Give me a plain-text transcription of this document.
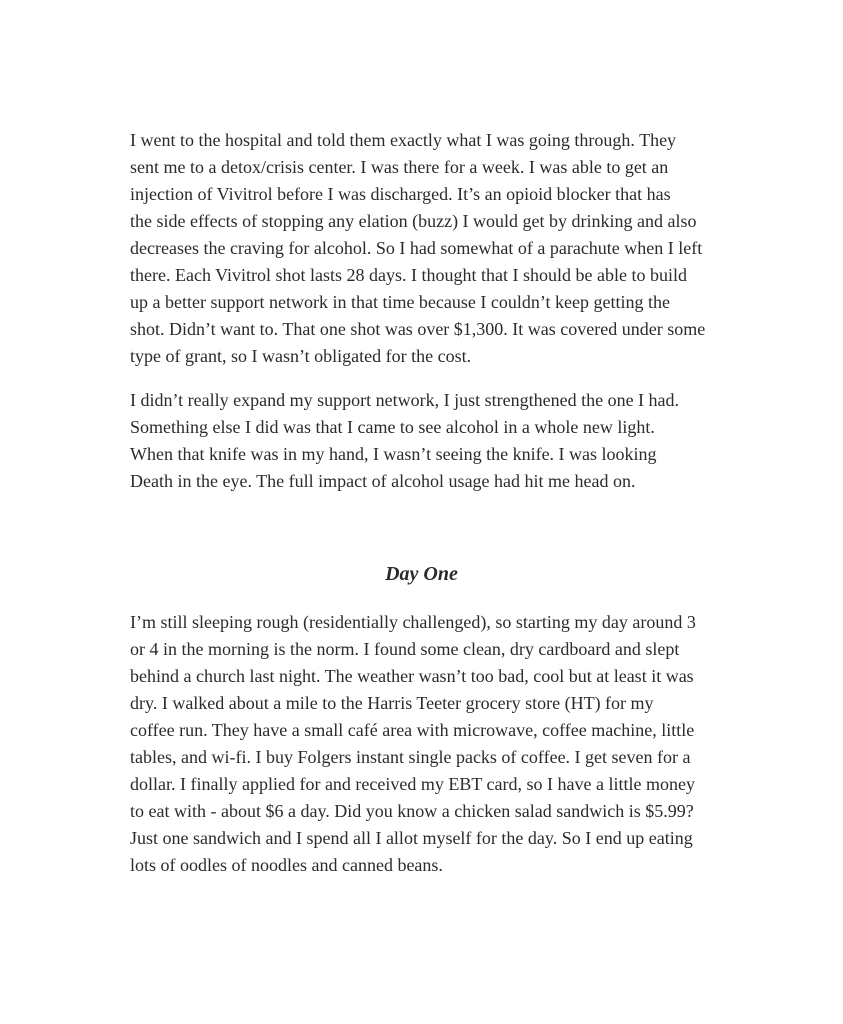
I went to the hospital and told them exactly what I was going through. They
sent me to a detox/crisis center. I was there for a week. I was able to get an
injection of Vivitrol before I was discharged. It’s an opioid blocker that has
the side effects of stopping any elation (buzz) I would get by drinking and also
decreases the craving for alcohol. So I had somewhat of a parachute when I left
there. Each Vivitrol shot lasts 28 days. I thought that I should be able to build
up a better support network in that time because I couldn’t keep getting the
shot. Didn’t want to. That one shot was over $1,300. It was covered under some
type of grant, so I wasn’t obligated for the cost.

I didn’t really expand my support network, I just strengthened the one I had.
Something else I did was that I came to see alcohol in a whole new light.
When that knife was in my hand, I wasn’t seeing the knife. I was looking
Death in the eye. The full impact of alcohol usage had hit me head on.

Day One

I’m still sleeping rough (residentially challenged), so starting my day around 3
or 4 in the morning is the norm. I found some clean, dry cardboard and slept
behind a church last night. The weather wasn’t too bad, cool but at least it was
dry. I walked about a mile to the Harris Teeter grocery store (HT) for my
coffee run. They have a small café area with microwave, coffee machine, little
tables, and wi-fi. I buy Folgers instant single packs of coffee. I get seven for a
dollar. I finally applied for and received my EBT card, so I have a little money
to eat with - about $6 a day. Did you know a chicken salad sandwich is $5.99?
Just one sandwich and I spend all I allot myself for the day. So I end up eating
lots of oodles of noodles and canned beans.
